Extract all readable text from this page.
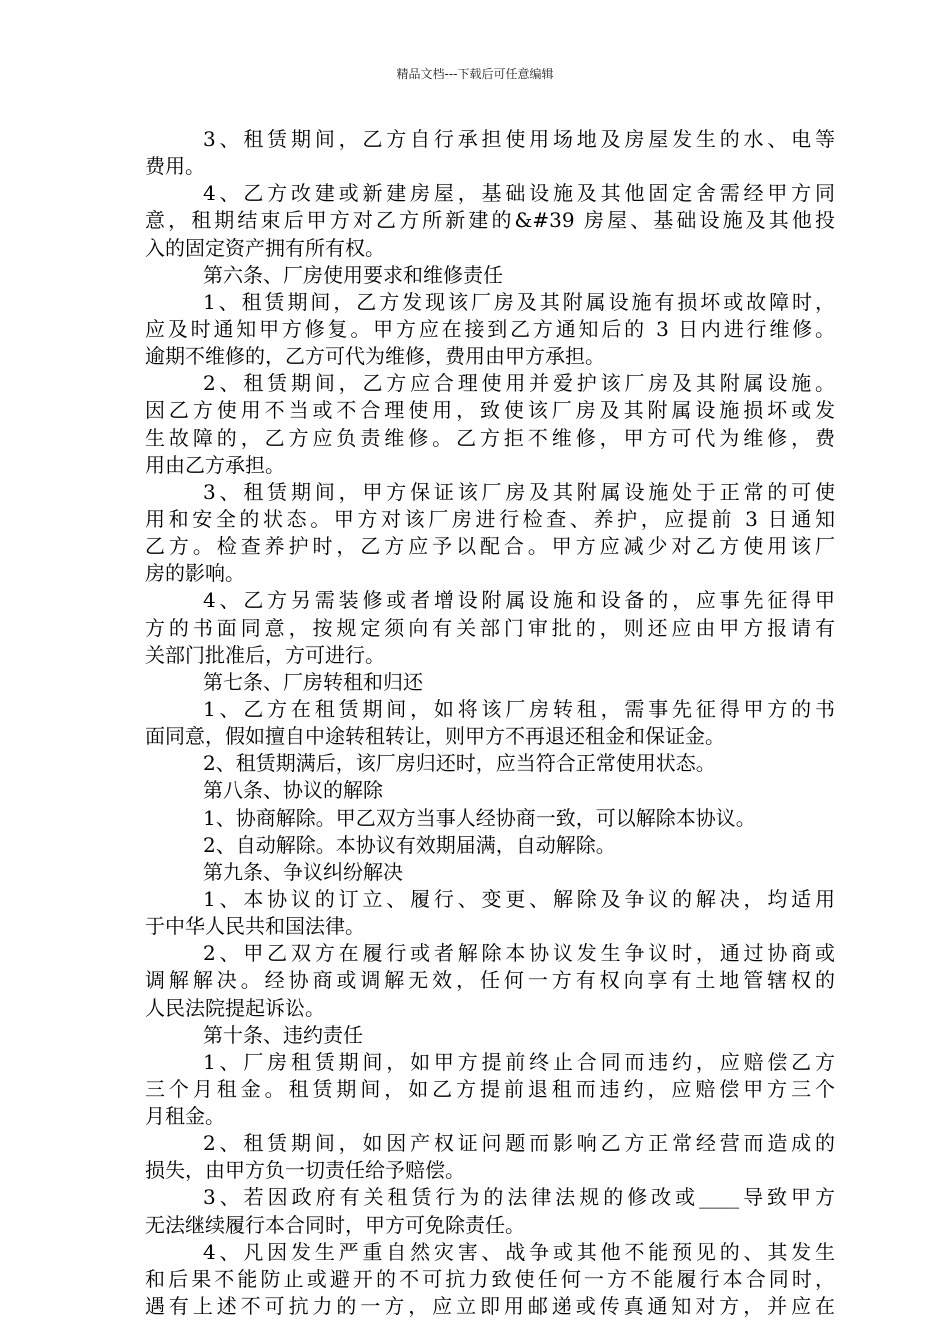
精品文档---下载后可任意编辑
3、租赁期间，乙方自行承担使用场地及房屋发生的水、电等
费用。
4、乙方改建或新建房屋，基础设施及其他固定舍需经甲方同
意，租期结束后甲方对乙方所新建的&#39 房屋、基础设施及其他投
入的固定资产拥有所有权。
第六条、厂房使用要求和维修责任
1、租赁期间，乙方发现该厂房及其附属设施有损坏或故障时，
应及时通知甲方修复。甲方应在接到乙方通知后的 3 日内进行维修。
逾期不维修的，乙方可代为维修，费用由甲方承担。
2、租赁期间，乙方应合理使用并爱护该厂房及其附属设施。
因乙方使用不当或不合理使用，致使该厂房及其附属设施损坏或发
生故障的，乙方应负责维修。乙方拒不维修，甲方可代为维修，费
用由乙方承担。
3、租赁期间，甲方保证该厂房及其附属设施处于正常的可使
用和安全的状态。甲方对该厂房进行检查、养护，应提前 3 日通知
乙方。检查养护时，乙方应予以配合。甲方应减少对乙方使用该厂
房的影响。
4、乙方另需装修或者增设附属设施和设备的，应事先征得甲
方的书面同意，按规定须向有关部门审批的，则还应由甲方报请有
关部门批准后，方可进行。
第七条、厂房转租和归还
1、乙方在租赁期间，如将该厂房转租，需事先征得甲方的书
面同意，假如擅自中途转租转让，则甲方不再退还租金和保证金。
2、租赁期满后，该厂房归还时，应当符合正常使用状态。
第八条、协议的解除
1、协商解除。甲乙双方当事人经协商一致，可以解除本协议。
2、自动解除。本协议有效期届满，自动解除。
第九条、争议纠纷解决
1、本协议的订立、履行、变更、解除及争议的解决，均适用
于中华人民共和国法律。
2、甲乙双方在履行或者解除本协议发生争议时，通过协商或
调解解决。经协商或调解无效，任何一方有权向享有土地管辖权的
人民法院提起诉讼。
第十条、违约责任
1、厂房租赁期间，如甲方提前终止合同而违约，应赔偿乙方
三个月租金。租赁期间，如乙方提前退租而违约，应赔偿甲方三个
月租金。
2、租赁期间，如因产权证问题而影响乙方正常经营而造成的
损失，由甲方负一切责任给予赔偿。
3、若因政府有关租赁行为的法律法规的修改或____导致甲方
无法继续履行本合同时，甲方可免除责任。
4、凡因发生严重自然灾害、战争或其他不能预见的、其发生
和后果不能防止或避开的不可抗力致使任何一方不能履行本合同时，
遇有上述不可抗力的一方，应立即用邮递或传真通知对方，并应在
